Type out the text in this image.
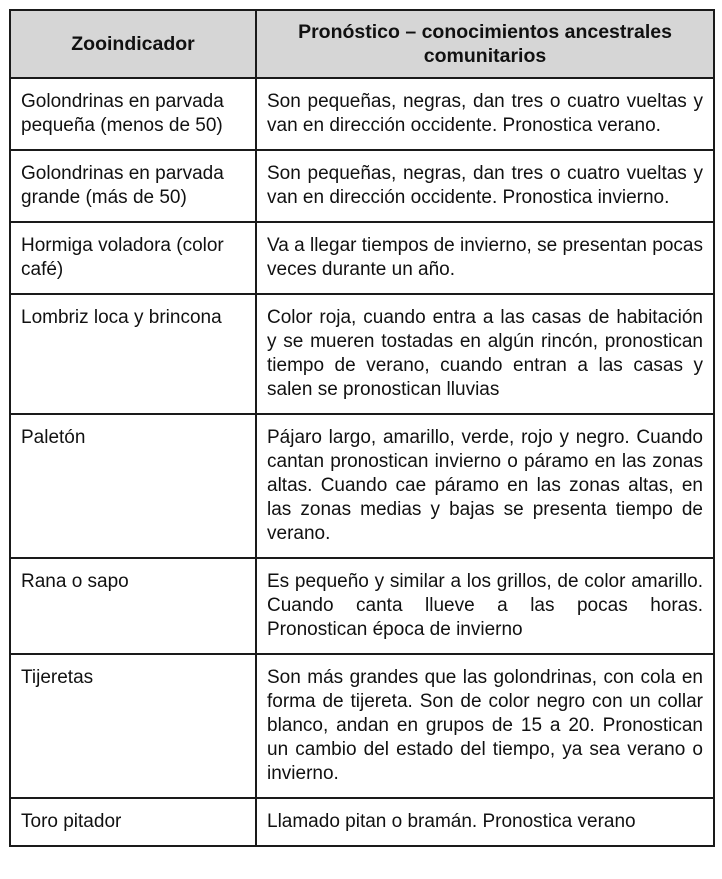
Zooindicador	Pronóstico – conocimientos ancestrales comunitarios
Golondrinas en parvada pequeña (menos de 50)	Son pequeñas, negras, dan tres o cuatro vueltas y van en dirección occidente. Pronostica verano.
Golondrinas en parvada grande (más de 50)	Son pequeñas, negras, dan tres o cuatro vueltas y van en dirección occidente. Pronostica invierno.
Hormiga voladora (color café)	Va a llegar tiempos de invierno, se presentan pocas veces durante un año.
Lombriz loca y brincona	Color roja, cuando entra a las casas de habitación y se mueren tostadas en algún rincón, pronostican tiempo de verano, cuando entran a las casas y salen se pronostican lluvias
Paletón	Pájaro largo, amarillo, verde, rojo y negro. Cuando cantan pronostican invierno o páramo en las zonas altas. Cuando cae páramo en las zonas altas, en las zonas medias y bajas se presenta tiempo de verano.
Rana o sapo	Es pequeño y similar a los grillos, de color amarillo. Cuando canta llueve a las pocas horas. Pronostican época de invierno
Tijeretas	Son más grandes que las golondrinas, con cola en forma de tijereta. Son de color negro con un collar blanco, andan en grupos de 15 a 20. Pronostican un cambio del estado del tiempo, ya sea verano o invierno.
Toro pitador	Llamado pitan o bramán. Pronostica verano
